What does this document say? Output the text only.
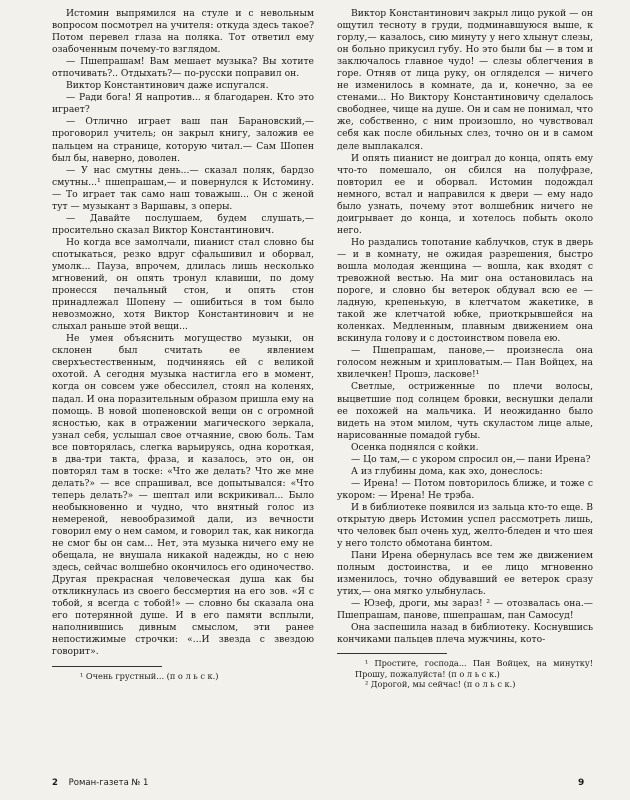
Истомин выпрямился на стуле и с невольным вопросом посмотрел на учителя: откуда здесь такое? Потом перевел глаза на поляка. Тот ответил ему озабоченным почему-то взглядом.

— Пшепрашам! Вам мешает музыка? Вы хотите отпочивать?.. Отдыхать?— по-русски поправил он.

Виктор Константинович даже испугался.

— Ради бога! Я напротив... я благодарен. Кто это играет?

— Отлично играет ваш пан Барановский,— проговорил учитель; он закрыл книгу, заложив ее пальцем на странице, которую читал.— Сам Шопен был бы, наверно, доволен.

— У нас смутны день...— сказал поляк, бардзо смутны...¹ пшепрашам,— и повернулся к Истомину.— То играет так само наш товажыш... Он с женой тут — музыкант з Варшавы, з оперы.

— Давайте послушаем, будем слушать,— просительно сказал Виктор Константинович.

Но когда все замолчали, пианист стал словно бы спотыкаться, резко вдруг сфальшивил и оборвал, умолк... Пауза, впрочем, длилась лишь несколько мгновений, он опять тронул клавиши, по дому пронесся печальный стон, и опять стон принадлежал Шопену — ошибиться в том было невозможно, хотя Виктор Константинович и не слыхал раньше этой вещи...

Не умея объяснить могущество музыки, он склонен был считать ее явлением сверхъестественным, подчиняясь ей с великой охотой. А сегодня музыка настигла его в момент, когда он совсем уже обессилел, стоял на коленях, падал. И она поразительным образом пришла ему на помощь. В новой шопеновской вещи он с огромной ясностью, как в отражении магического зеркала, узнал себя, услышал свое отчаяние, свою боль. Там все повторялась, слегка варьируясь, одна короткая, в два-три такта, фраза, и казалось, это он, он повторял там в тоске: «Что же делать? Что же мне делать?» — все спрашивал, все допытывался: «Что теперь делать?» — шептал или вскрикивал... Было необыкновенно и чудно, что внятный голос из немереной, невообразимой дали, из вечности говорил ему о нем самом, и говорил так, как никогда не смог бы он сам... Нет, эта музыка ничего ему не обещала, не внушала никакой надежды, но с нею здесь, сейчас волшебно окончилось его одиночество. Другая прекрасная человеческая душа как бы откликнулась из своего бессмертия на его зов. «Я с тобой, я всегда с тобой!» — словно бы сказала она его потерянной душе. И в его памяти всплыли, наполнившись дивным смыслом, эти ранее непостижимые строчки: «...И звезда с звездою говорит».

¹ Очень грустный... (п о л ь с к.)

Виктор Константинович закрыл лицо рукой — он ощутил тесноту в груди, подминавшуюся выше, к горлу,— казалось, сию минуту у него хлынут слезы, он больно прикусил губу. Но это были бы — в том и заключалось главное чудо! — слезы облегчения в горе. Отняв от лица руку, он огляделся — ничего не изменилось в комнате, да и, конечно, за ее стенами... Но Виктору Константиновичу сделалось свободнее, чище на душе. Он и сам не понимал, что же, собственно, с ним произошло, но чувствовал себя как после обильных слез, точно он и в самом деле выплакался.

И опять пианист не доиграл до конца, опять ему что-то помешало, он сбился на полуфразе, повторил ее и оборвал. Истомин подождал немного, встал и направился к двери — ему надо было узнать, почему этот волшебник ничего не доигрывает до конца, и хотелось побыть около него.

Но раздались топотание каблучков, стук в дверь — и в комнату, не ожидая разрешения, быстро вошла молодая женщина — вошла, как входят с тревожной вестью. На миг она остановилась на пороге, и словно бы ветерок обдувал всю ее — ладную, крепенькую, в клетчатом жакетике, в такой же клетчатой юбке, приоткрывшейся на коленках. Медленным, плавным движением она вскинула голову и с достоинством повела ею.

— Пшепрашам, панове,— произнесла она голосом нежным и хрипловатым.— Пан Войцех, на хвилечкен! Прошэ, ласкове!¹

Светлые, остриженные по плечи волосы, выцветшие под солнцем бровки, веснушки делали ее похожей на мальчика. И неожиданно было видеть на этом милом, чуть скуластом лице алые, нарисованные помадой губы.

Осенка поднялся с койки.

— Цо там,— с укором спросил он,— пани Ирена?

А из глубины дома, как эхо, донеслось:

— Ирена! — Потом повторилось ближе, и тоже с укором: — Ирена! Не трэба.

И в библиотеке появился из зальца кто-то еще. В открытую дверь Истомин успел рассмотреть лишь, что человек был очень худ, желто-бледен и что шея у него толсто обмотана бинтом.

Пани Ирена обернулась все тем же движением полным достоинства, и ее лицо мгновенно изменилось, точно обдувавший ее ветерок сразу утих,— она мягко улыбнулась.

— Юзеф, дроги, мы зараз! ² — отозвалась она.— Пшепрашам, панове, пшепрашам, пан Самосуд!

Она заспешила назад в библиотеку. Коснувшись кончиками пальцев плеча мужчины, кото-

¹ Простите, господа... Пан Войцех, на минутку! Прошу, пожалуйста! (п о л ь с к.)

² Дорогой, мы сейчас! (п о л ь с к.)

2 Роман-газета № 1	9
